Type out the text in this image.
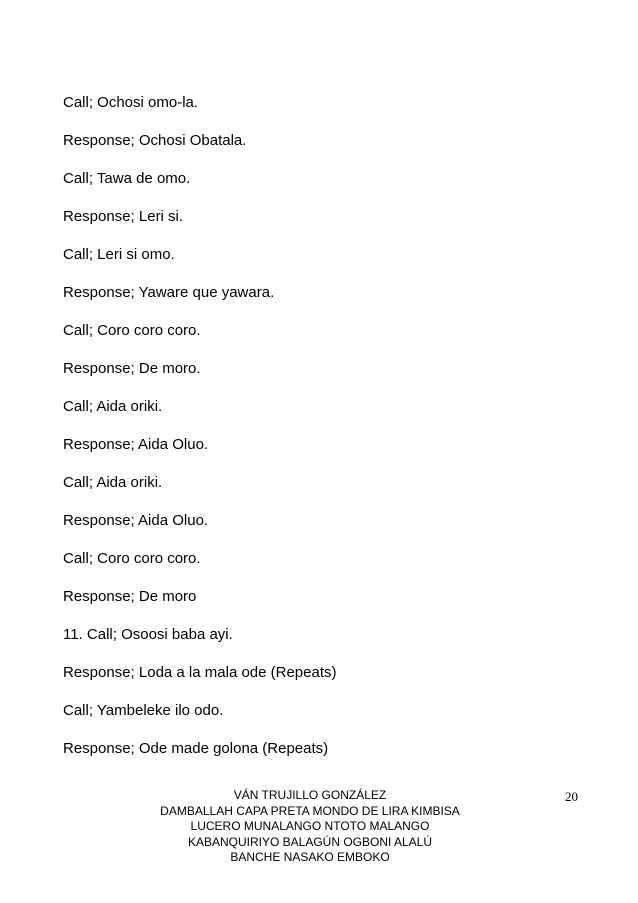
Call; Ochosi omo-la.
Response; Ochosi Obatala.
Call; Tawa de omo.
Response; Leri si.
Call; Leri si omo.
Response; Yaware que yawara.
Call; Coro coro coro.
Response; De moro.
Call; Aida oriki.
Response; Aida Oluo.
Call; Aida oriki.
Response; Aida Oluo.
Call; Coro coro coro.
Response; De moro
11. Call; Osoosi baba ayi.
Response; Loda a la mala ode (Repeats)
Call; Yambeleke ilo odo.
Response; Ode made golona (Repeats)
VÁN TRUJILLO GONZÁLEZ
DAMBALLAH CAPA PRETA MONDO DE LIRA KIMBISA
LUCERO MUNALANGO NTOTO MALANGO
KABANQUIRIYO BALAGÚN OGBONI ALALÚ
BANCHE NASAKO EMBOKO
20
